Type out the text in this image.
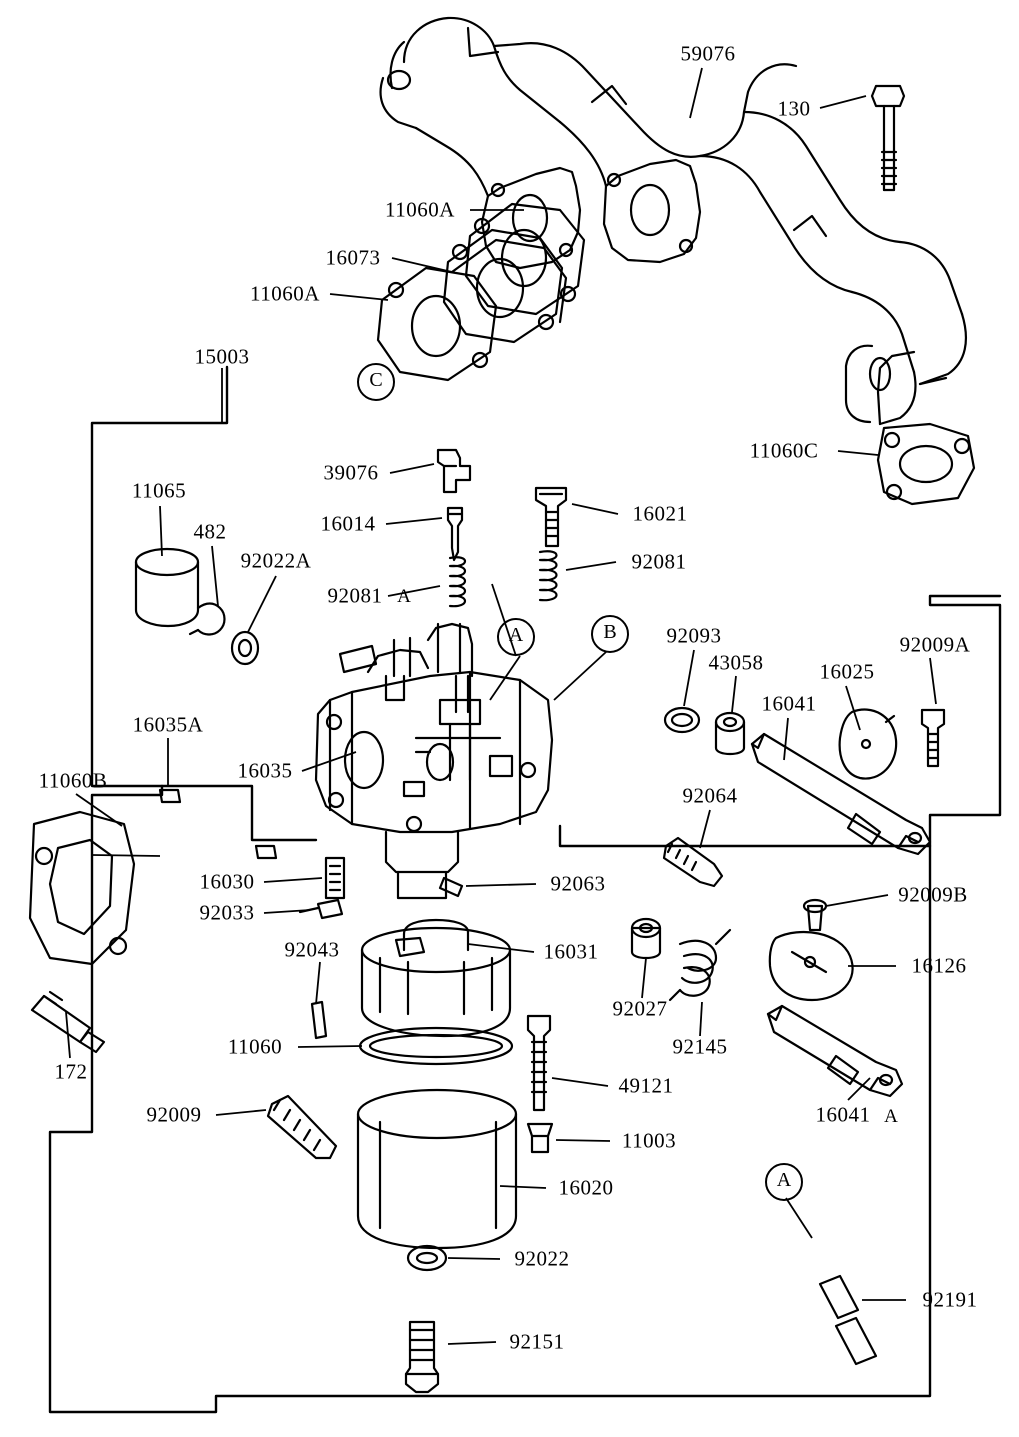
59076
130
11060A
16073
11060A
15003
11060C
39076
11065
16021
16014
482
92022A	92081
92081
92093	92009A
43058	16025
16041
16035A
16035
11060B
92064
16030	92063	92009B
92033
92043	16031
16126
11060
92027
92145
49121
172
16041
92009
11003
16020
92022
92191
92151
A
A
C
A	B
A
